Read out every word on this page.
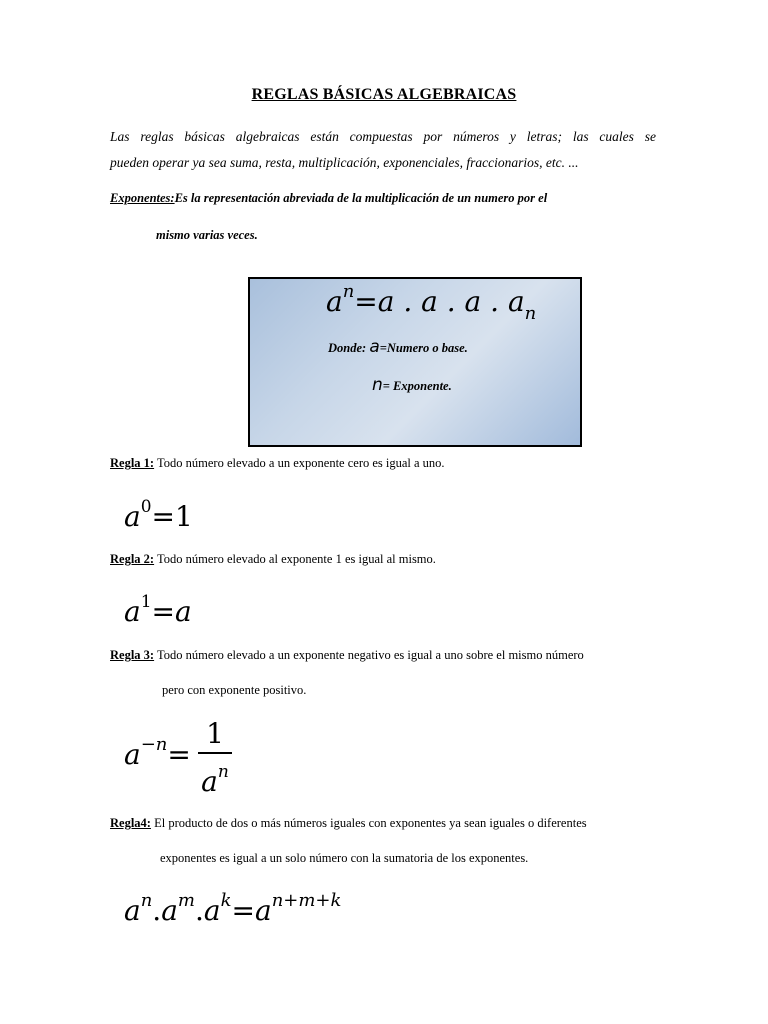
REGLAS BÁSICAS ALGEBRAICAS
Las reglas básicas algebraicas están compuestas por números y letras; las cuales se
pueden operar ya sea suma, resta, multiplicación, exponenciales, fraccionarios, etc. ...
Exponentes:Es la representación abreviada de la multiplicación de un numero por el
mismo varias veces.
$a^n=a$ . a . a . $a_n$
Donde: a=Numero o base.
n= Exponente.
Regla 1: Todo número elevado a un exponente cero es igual a uno.
$a^0=1$
Regla 2: Todo número elevado al exponente 1 es igual al mismo.
$a^1=a$
Regla 3: Todo número elevado a un exponente negativo es igual a uno sobre el mismo número
pero con exponente positivo.
$a^{-n}=$
1
$a^n$
Regla4: El producto de dos o más números iguales con exponentes ya sean iguales o diferentes
exponentes es igual a un solo número con la sumatoria de los exponentes.
$a^n.a^m.a^k=a^{n+m+k}$
